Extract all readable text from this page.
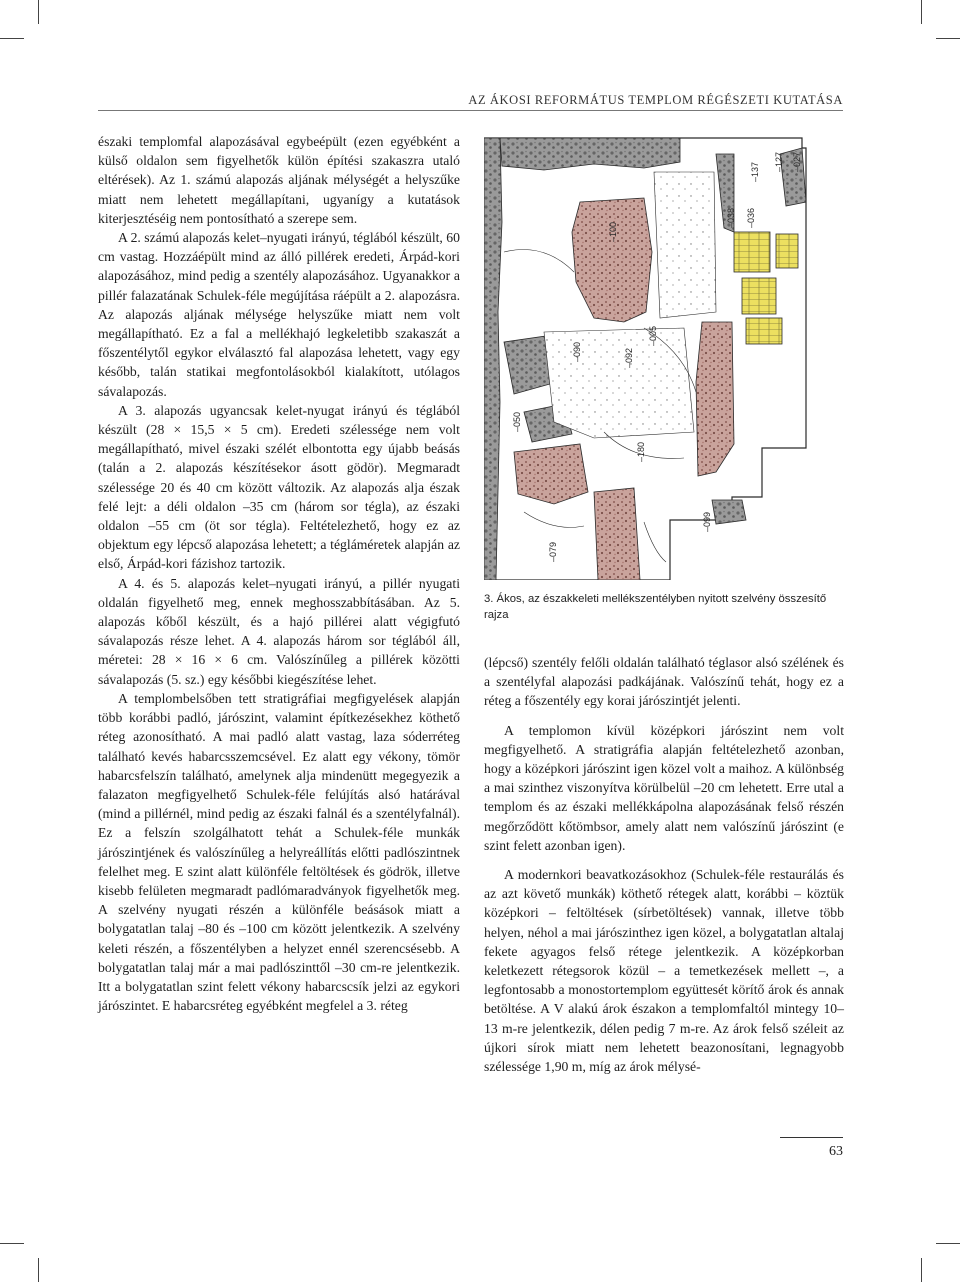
AZ ÁKOSI REFORMÁTUS TEMPLOM RÉGÉSZETI KUTATÁSA

északi templomfal alapozásával egybeépült (ezen egyébként a külső oldalon sem figyelhetők külön építési szakaszra utaló eltérések). Az 1. számú alapozás aljának mélységét a helyszűke miatt nem lehetett megállapítani, ugyanígy a kutatások kiterjesztéséig nem pontosítható a szerepe sem.

A 2. számú alapozás kelet–nyugati irányú, téglából készült, 60 cm vastag. Hozzáépült mind az álló pillérek eredeti, Árpád-kori alapozásához, mind pedig a szentély alapozásához. Ugyanakkor a pillér falazatának Schulek-féle megújítása ráépült a 2. alapozásra. Az alapozás aljának mélysége helyszűke miatt nem volt megállapítható. Ez a fal a mellékhajó legkeletibb szakaszát a főszentélytől egykor elválasztó fal alapozása lehetett, vagy egy később, talán statikai megfontolásokból kialakított, utólagos sávalapozás.

A 3. alapozás ugyancsak kelet-nyugat irányú és téglából készült (28 × 15,5 × 5 cm). Eredeti szélessége nem volt megállapítható, mivel északi szélét elbontotta egy újabb beásás (talán a 2. alapozás készítésekor ásott gödör). Megmaradt szélessége 20 és 40 cm között változik. Az alapozás alja észak felé lejt: a déli oldalon –35 cm (három sor tégla), az északi oldalon –55 cm (öt sor tégla). Feltételezhető, hogy ez az objektum egy lépcső alapozása lehetett; a tégláméretek alapján az első, Árpád-kori fázishoz tartozik.

A 4. és 5. alapozás kelet–nyugati irányú, a pillér nyugati oldalán figyelhető meg, ennek meghosszabbításában. Az 5. alapozás kőből készült, és a hajó pillérei alatt végigfutó sávalapozás része lehet. A 4. alapozás három sor téglából áll, méretei: 28 × 16 × 6 cm. Valószínűleg a pillérek közötti sávalapozás (5. sz.) egy későbbi kiegészítése lehet.

A templombelsőben tett stratigráfiai megfigyelések alapján több korábbi padló, járószint, valamint építkezésekhez köthető réteg azonosítható. A mai padló alatt vastag, laza sóderréteg található kevés habarcsszemcsével. Ez alatt egy vékony, tömör habarcsfelszín található, amelynek alja mindenütt megegyezik a falazaton megfigyelhető Schulek-féle felújítás alsó határával (mind a pillérnél, mind pedig az északi falnál és a szentélyfalnál). Ez a felszín szolgálhatott tehát a Schulek-féle munkák járószintjének és valószínűleg a helyreállítás előtti padlószintnek felelhet meg. E szint alatt különféle feltöltések és gödrök, illetve kisebb felületen megmaradt padlómaradványok figyelhetők meg. A szelvény nyugati részén a különféle beásások miatt a bolygatatlan talaj –80 és –100 cm között jelentkezik. A szelvény keleti részén, a főszentélyben a helyzet ennél szerencsésebb. A bolygatatlan talaj már a mai padlószinttől –30 cm-re jelentkezik. Itt a bolygatatlan szint felett vékony habarcscsík jelzi az egykori járószintet. E habarcsréteg egyébként megfelel a 3. réteg

–100
–137 –127 –027
–038 –036
–092
–005
–090
–050
–180
–099
–079
3. Ákos, az északkeleti mellékszentélyben nyitott szelvény összesítő rajza

(lépcső) szentély felőli oldalán található téglasor alsó szélének és a szentélyfal alapozási padkájának. Valószínű tehát, hogy ez a réteg a főszentély egy korai járószintjét jelenti.

A templomon kívül középkori járószint nem volt megfigyelhető. A stratigráfia alapján feltételezhető azonban, hogy a középkori járószint igen közel volt a maihoz. A különbség a mai szinthez viszonyítva körülbelül –20 cm lehetett. Erre utal a templom és az északi mellékkápolna alapozásának felső részén megőrződött kőtömbsor, amely alatt nem valószínű járószint (e szint felett azonban igen).

A modernkori beavatkozásokhoz (Schulek-féle restaurálás és az azt követő munkák) köthető rétegek alatt, korábbi – köztük középkori – feltöltések (sírbetöltések) vannak, illetve több helyen, néhol a mai járószinthez igen közel, a bolygatatlan altalaj fekete agyagos felső rétege jelentkezik. A középkorban keletkezett rétegsorok közül – a temetkezések mellett –, a legfontosabb a monostortemplom együttesét körítő árok és annak betöltése. A V alakú árok északon a templomfaltól mintegy 10–13 m-re jelentkezik, délen pedig 7 m-re. Az árok felső széleit az újkori sírok miatt nem lehetett beazonosítani, legnagyobb szélessége 1,90 m, míg az árok mélysé-

63
